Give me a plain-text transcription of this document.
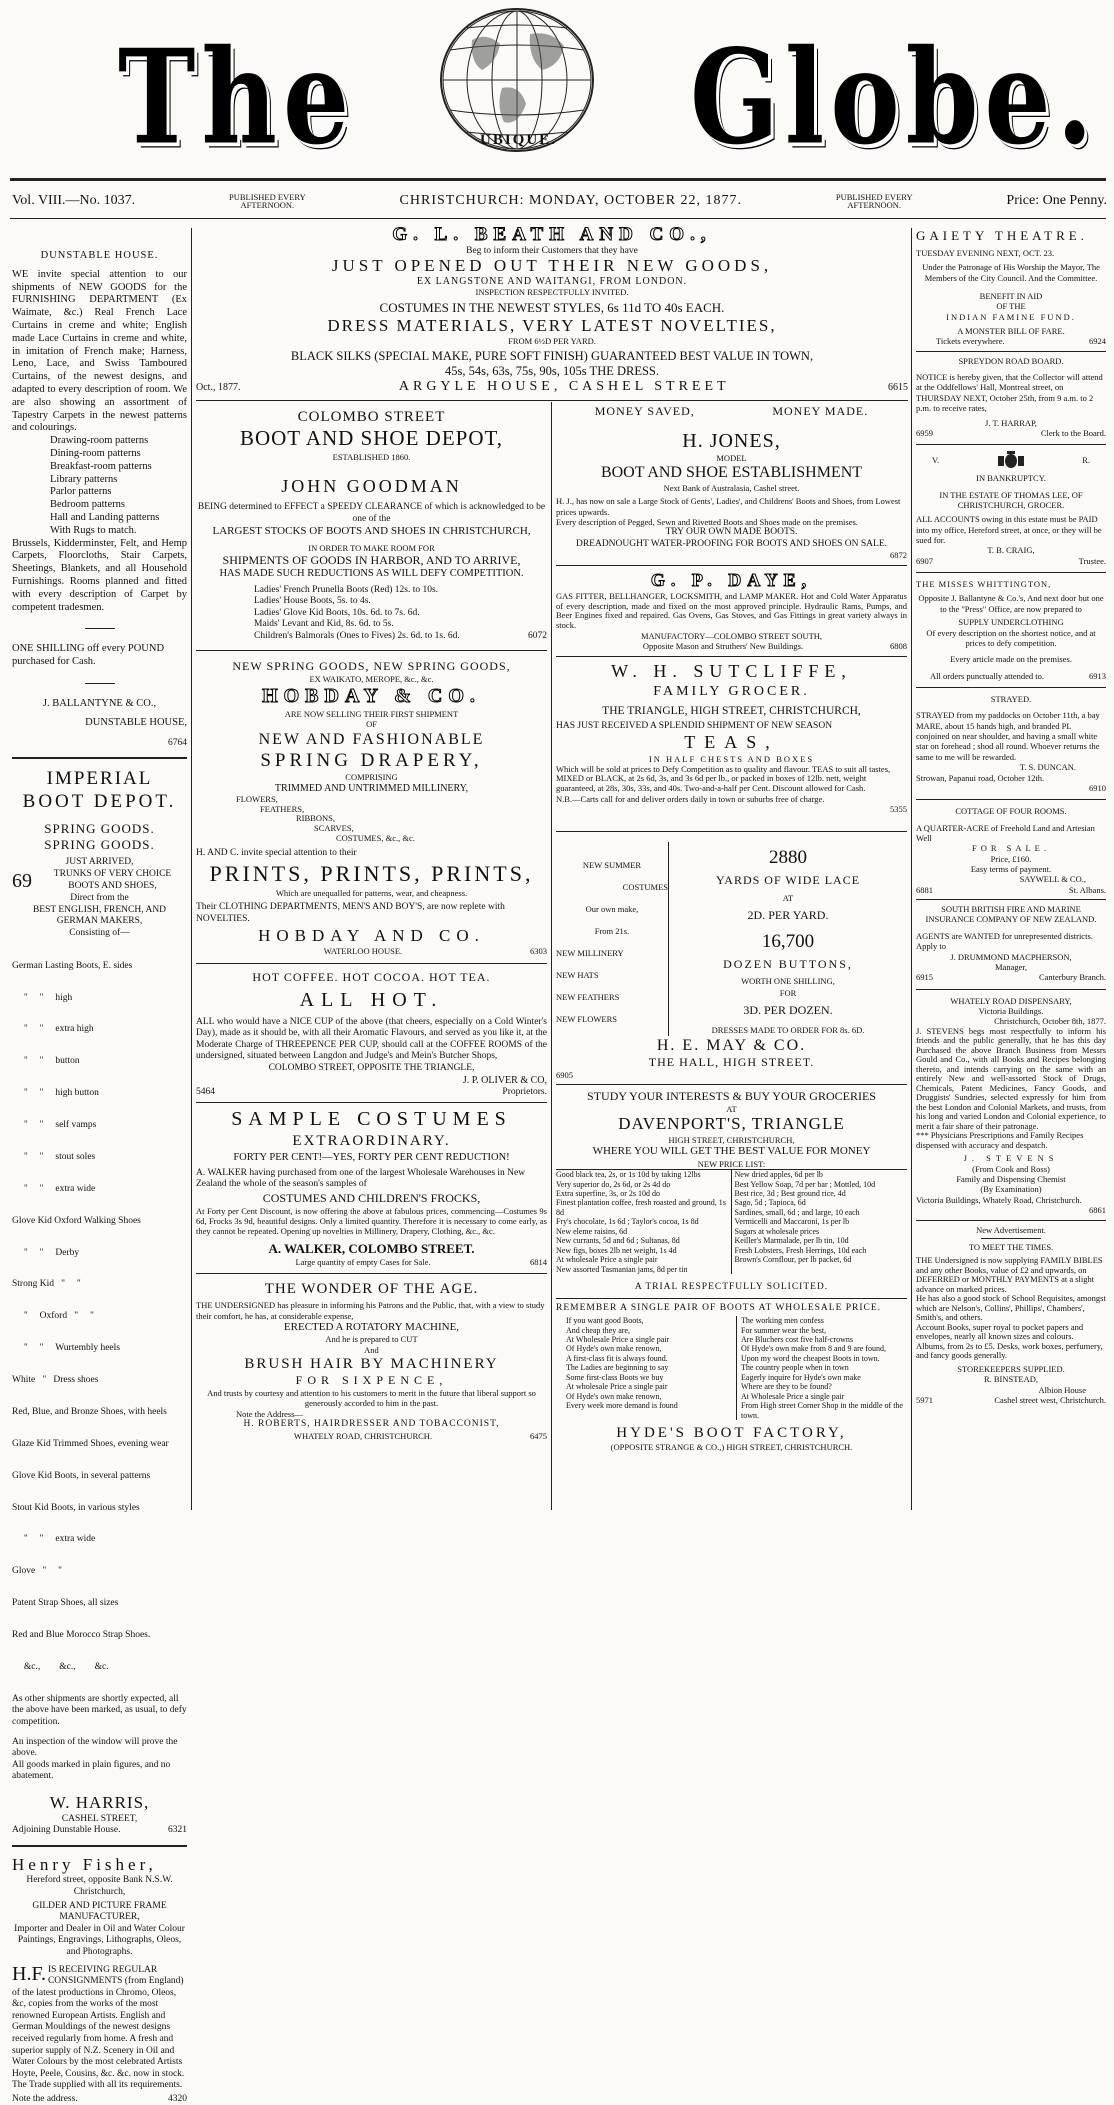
The	UBIQUE. Globe.
Vol. VIII.—No. 1037.	PUBLISHED EVERY AFTERNOON.	CHRISTCHURCH: MONDAY, OCTOBER 22, 1877.	PUBLISHED EVERY AFTERNOON.	Price: One Penny.
DUNSTABLE HOUSE.

WE invite special attention to our shipments of NEW GOODS for the FURNISHING DEPARTMENT (Ex Waimate, &c.) Real French Lace Curtains in creme and white; English made Lace Curtains in creme and white, in imitation of French make; Harness, Leno, Lace, and Swiss Tamboured Curtains, of the newest designs, and adapted to every description of room. We are also showing an assortment of Tapestry Carpets in the newest patterns and colourings.

Drawing-room patterns
Dining-room patterns
Breakfast-room patterns
Library patterns
Parlor patterns
Bedroom patterns
Hall and Landing patterns
With Rugs to match.

Brussels, Kidderminster, Felt, and Hemp Carpets, Floorcloths, Stair Carpets, Sheetings, Blankets, and all Household Furnishings. Rooms planned and fitted with every description of Carpet by competent tradesmen.

ONE SHILLING off every POUND purchased for Cash.

J. BALLANTYNE & CO.,
DUNSTABLE HOUSE,
6764
IMPERIAL
BOOT DEPOT.
SPRING GOODS.
SPRING GOODS.
JUST ARRIVED,
69	TRUNKS OF VERY CHOICE BOOTS AND SHOES,
Direct from the
BEST ENGLISH, FRENCH, AND GERMAN MAKERS,
Consisting of—

German Lasting Boots, E. sides

"     "     high

"     "     extra high

"     "     button

"     "     high button

"     "     self vamps

"     "     stout soles

"     "     extra wide

Glove Kid Oxford Walking Shoes

"     "     Derby

Strong Kid   "     "

"     Oxford   "     "

"     "     Wurtembly heels

White   "   Dress shoes

Red, Blue, and Bronze Shoes, with heels

Glaze Kid Trimmed Shoes, evening wear

Glove Kid Boots, in several patterns

Stout Kid Boots, in various styles

"     "     extra wide

Glove   "     "

Patent Strap Shoes, all sizes

Red and Blue Morocco Strap Shoes.

&c.,        &c.,        &c.

As other shipments are shortly expected, all the above have been marked, as usual, to defy competition.

An inspection of the window will prove the above.

All goods marked in plain figures, and no abatement.

W. HARRIS,
CASHEL STREET,
Adjoining Dunstable House.	6321
Henry Fisher,
Hereford street, opposite Bank N.S.W. Christchurch,
GILDER AND PICTURE FRAME MANUFACTURER,

Importer and Dealer in Oil and Water Colour Paintings, Engravings, Lithographs, Oleos, and Photographs.

H.F. IS RECEIVING REGULAR CONSIGNMENTS (from England) of the latest productions in Chromo, Oleos, &c, copies from the works of the most renowned European Artists. English and German Mouldings of the newest designs received regularly from home. A fresh and superior supply of N.Z. Scenery in Oil and Water Colours by the most celebrated Artists Hoyte, Peele, Cousins, &c. &c. now in stock. The Trade supplied with all its requirements.
Note the address.	4320
G. L. BEATH AND CO.,
Beg to inform their Customers that they have
JUST OPENED OUT THEIR NEW GOODS,
EX LANGSTONE AND WAITANGI, FROM LONDON.
INSPECTION RESPECTFULLY INVITED.
COSTUMES IN THE NEWEST STYLES, 6s 11d TO 40s EACH.
DRESS MATERIALS, VERY LATEST NOVELTIES,
FROM 6½D PER YARD.
BLACK SILKS (SPECIAL MAKE, PURE SOFT FINISH) GUARANTEED BEST VALUE IN TOWN,
45s, 54s, 63s, 75s, 90s, 105s THE DRESS.
Oct., 1877.	ARGYLE HOUSE, CASHEL STREET	6615
COLOMBO STREET
BOOT AND SHOE DEPOT,
ESTABLISHED 1860.
JOHN GOODMAN

BEING determined to EFFECT a SPEEDY CLEARANCE of which is acknowledged to be one of the

LARGEST STOCKS OF BOOTS AND SHOES IN CHRISTCHURCH,
IN ORDER TO MAKE ROOM FOR
SHIPMENTS OF GOODS IN HARBOR, AND TO ARRIVE,
HAS MADE SUCH REDUCTIONS AS WILL DEFY COMPETITION.
Ladies' French Prunella Boots (Red) 12s. to 10s.
Ladies' House Boots, 5s. to 4s.
Ladies' Glove Kid Boots, 10s. 6d. to 7s. 6d.
Maids' Levant and Kid, 8s. 6d. to 5s.
Children's Balmorals (Ones to Fives) 2s. 6d. to 1s. 6d.	6072
NEW SPRING GOODS, NEW SPRING GOODS,
EX WAIKATO, MEROPE, &c., &c.
HOBDAY & CO.
ARE NOW SELLING THEIR FIRST SHIPMENT
OF
NEW AND FASHIONABLE
SPRING DRAPERY,
COMPRISING
TRIMMED AND UNTRIMMED MILLINERY,
FLOWERS,
FEATHERS,
RIBBONS,
SCARVES,
COSTUMES, &c., &c.
H. AND C. invite special attention to their
PRINTS, PRINTS, PRINTS,
Which are unequalled for patterns, wear, and cheapness.

Their CLOTHING DEPARTMENTS, MEN'S AND BOY'S, are now replete with NOVELTIES.

HOBDAY AND CO.
WATERLOO HOUSE.	6303
HOT COFFEE. HOT COCOA. HOT TEA.
ALL HOT.

ALL who would have a NICE CUP of the above (that cheers, especially on a Cold Winter's Day), made as it should be, with all their Aromatic Flavours, and served as you like it, at the Moderate Charge of THREEPENCE PER CUP, should call at the COFFEE ROOMS of the undersigned, situated between Langdon and Judge's and Mein's Butcher Shops,

COLOMBO STREET, OPPOSITE THE TRIANGLE,
J. P. OLIVER & CO,
5464	Proprietors.
SAMPLE COSTUMES
EXTRAORDINARY.
FORTY PER CENT!—YES, FORTY PER CENT REDUCTION!

A. WALKER having purchased from one of the largest Wholesale Warehouses in New Zealand the whole of the season's samples of

COSTUMES AND CHILDREN'S FROCKS,

At Forty per Cent Discount, is now offering the above at fabulous prices, commencing—Costumes 9s 6d, Frocks 3s 9d, beautiful designs. Only a limited quantity. Therefore it is necessary to come early, as they cannot be repeated. Opening up novelties in Millinery, Drapery, Clothing, &c., &c.

A. WALKER, COLOMBO STREET.
Large quantity of empty Cases for Sale.	6814
THE WONDER OF THE AGE.

THE UNDERSIGNED has pleasure in informing his Patrons and the Public, that, with a view to study their comfort, he has, at considerable expense,

ERECTED A ROTATORY MACHINE,
And he is prepared to CUT
And
BRUSH HAIR BY MACHINERY
FOR SIXPENCE,

And trusts by courtesy and attention to his customers to merit in the future that liberal support so generously accorded to him in the past.

Note the Address—
H. ROBERTS, HAIRDRESSER AND TOBACCONIST,
WHATELY ROAD, CHRISTCHURCH.	6475
MONEY SAVED,	MONEY MADE.
H. JONES,
MODEL
BOOT AND SHOE ESTABLISHMENT
Next Bank of Australasia, Cashel street.

H. J., has now on sale a Large Stock of Gents', Ladies', and Childrens' Boots and Shoes, from Lowest prices upwards.

Every description of Pegged, Sewn and Rivetted Boots and Shoes made on the premises.

TRY OUR OWN MADE BOOTS.
DREADNOUGHT WATER-PROOFING FOR BOOTS AND SHOES ON SALE.
6872
G. P. DAYE,

GAS FITTER, BELLHANGER, LOCKSMITH, and LAMP MAKER. Hot and Cold Water Apparatus of every description, made and fixed on the most approved principle. Hydraulic Rams, Pumps, and Beer Engines fixed and repaired. Gas Ovens, Gas Stoves, and Gas Fittings in great variety always in stock.

MANUFACTORY—COLOMBO STREET SOUTH,
Opposite Mason and Struthers' New Buildings.	6808
W. H. SUTCLIFFE,
FAMILY GROCER.
THE TRIANGLE, HIGH STREET, CHRISTCHURCH,
HAS JUST RECEIVED A SPLENDID SHIPMENT OF NEW SEASON
TEAS,
IN HALF CHESTS AND BOXES

Which will be sold at prices to Defy Competition as to quality and flavour. TEAS to suit all tastes, MIXED or BLACK, at 2s 6d, 3s, and 3s 6d per lb., or packed in boxes of 12lb. nett, weight guaranteed, at 28s, 30s, 33s, and 40s. Two-and-a-half per Cent. Discount allowed for Cash.

N.B.—Carts call for and deliver orders daily in town or suburbs free of charge.
5355
NEW SUMMER
COSTUMES
Our own make,
From 21s.
NEW MILLINERY
NEW HATS
NEW FEATHERS
NEW FLOWERS
2880
YARDS OF WIDE LACE
AT
2D. PER YARD.
16,700
DOZEN BUTTONS,
WORTH ONE SHILLING,
FOR
3D. PER DOZEN.
DRESSES MADE TO ORDER FOR 8s. 6D.
H. E. MAY & CO.
THE HALL, HIGH STREET.
6905
STUDY YOUR INTERESTS & BUY YOUR GROCERIES
AT
DAVENPORT'S, TRIANGLE
HIGH STREET, CHRISTCHURCH,
WHERE YOU WILL GET THE BEST VALUE FOR MONEY
NEW PRICE LIST:
Good black tea, 2s, or 1s 10d by taking 12lbs
Very superior do, 2s 6d, or 2s 4d do
Extra superfine, 3s, or 2s 10d do
Finest plantation coffee, fresh roasted and ground, 1s 8d
Fry's chocolate, 1s 6d ; Taylor's cocoa, 1s 8d
New eleme raisins, 6d
New currants, 5d and 6d ; Sultanas, 8d
New figs, boxes 2lb net weight, 1s 4d
At wholesale Price a single pair
New assorted Tasmanian jams, 8d per tin
New dried apples, 6d per lb
Best Yellow Soap, 7d per bar ; Mottled, 10d
Best rice, 3d ; Best ground rice, 4d
Sago, 5d ; Tapioca, 6d
Sardines, small, 6d ; and large, 10 each
Vermicelli and Maccaroni, 1s per lb
Sugars at wholesale prices
Keiller's Marmalade, per lb tin, 10d
Fresh Lobsters, Fresh Herrings, 10d each
Brown's Cornflour, per lb packet, 6d
A TRIAL RESPECTFULLY SOLICITED.
REMEMBER A SINGLE PAIR OF BOOTS AT WHOLESALE PRICE.
If you want good Boots,
And cheap they are,
At Wholesale Price a single pair
Of Hyde's own make renown,
A first-class fit is always found.
The Ladies are beginning to say
Some first-class Boots we buy
At wholesale Price a single pair
Of Hyde's own make renown,
Every week more demand is found
The working men confess
For summer wear the best,
Are Bluchers cost five half-crowns
Of Hyde's own make from 8 and 9 are found,
Upon my word the cheapest Boots in town.
The country people when in town
Eagerly inquire for Hyde's own make
Where are they to be found?
At Wholesale Price a single pair
From High street Corner Shop in the middle of the town.
HYDE'S BOOT FACTORY,
(OPPOSITE STRANGE & CO.,) HIGH STREET, CHRISTCHURCH.
GAIETY THEATRE.
TUESDAY EVENING NEXT, OCT. 23.

Under the Patronage of His Worship the Mayor, The Members of the City Council. And the Committee.

BENEFIT IN AID
OF THE
INDIAN FAMINE FUND.
A MONSTER BILL OF FARE.
Tickets everywhere.	6924
SPREYDON ROAD BOARD.

NOTICE is hereby given, that the Collector will attend at the Oddfellows' Hall, Montreal street, on THURSDAY NEXT, October 25th, from 9 a.m. to 2 p.m. to receive rates,

J. T. HARRAP,
6959	Clerk to the Board.
V.	R.
IN BANKRUPTCY.
IN THE ESTATE OF THOMAS LEE, OF CHRISTCHURCH, GROCER.

ALL ACCOUNTS owing in this estate must be PAID into my office, Hereford street, at once, or they will be sued for.

T. B. CRAIG,
6907	Trustee.
THE MISSES WHITTINGTON,

Opposite J. Ballantyne & Co.'s, And next door but one to the "Press" Office, are now prepared to

SUPPLY UNDERCLOTHING

Of every description on the shortest notice, and at prices to defy competition.

Every article made on the premises.
All orders punctually attended to.	6913
STRAYED.

STRAYED from my paddocks on October 11th, a bay MARE, about 15 hands high, and branded PL conjoined on near shoulder, and having a small white star on forehead ; shod all round. Whoever returns the same to me will be rewarded.

T. S. DUNCAN.
Strowan, Papanui road, October 12th.
6910
COTTAGE OF FOUR ROOMS.

A QUARTER-ACRE of Freehold Land and Artesian Well

FOR SALE.
Price, £160.
Easy terms of payment.
SAYWELL & CO.,
6881	St. Albans.
SOUTH BRITISH FIRE AND MARINE INSURANCE COMPANY OF NEW ZEALAND.

AGENTS are WANTED for unrepresented districts. Apply to

J. DRUMMOND MACPHERSON,
Manager,
6915	Canterbury Branch.
WHATELY ROAD DISPENSARY,
Victoria Buildings.
Christchurch, October 8th, 1877.

J. STEVENS begs most respectfully to inform his friends and the public generally, that he has this day Purchased the above Branch Business from Messrs Gould and Co., with all Books and Recipes belonging thereto, and intends carrying on the same with an entirely New and well-assorted Stock of Drugs, Chemicals, Patent Medicines, Fancy Goods, and Druggists' Sundries, selected expressly for him from the best London and Colonial Markets, and trusts, from his long and varied London and Colonial experience, to merit a fair share of their patronage.

*** Physicians Prescriptions and Family Recipes dispensed with accuracy and despatch.

J. STEVENS
(From Cook and Ross)
Family and Dispensing Chemist
(By Examination)
Victoria Buildings, Whately Road, Christchurch.
6861
New Advertisement.
TO MEET THE TIMES.

THE Undersigned is now supplying FAMILY BIBLES and any other Books, value of £2 and upwards, on DEFERRED or MONTHLY PAYMENTS at a slight advance on marked prices.

He has also a good stock of School Requisites, amongst which are Nelson's, Collins', Phillips', Chambers', Smith's, and others.

Account Books, super royal to pocket papers and envelopes, nearly all known sizes and colours.

Albums, from 2s to £5. Desks, work boxes, perfumery, and fancy goods generally.

STOREKEEPERS SUPPLIED.
R. BINSTEAD,
Albion House
5971	Cashel street west, Christchurch.
